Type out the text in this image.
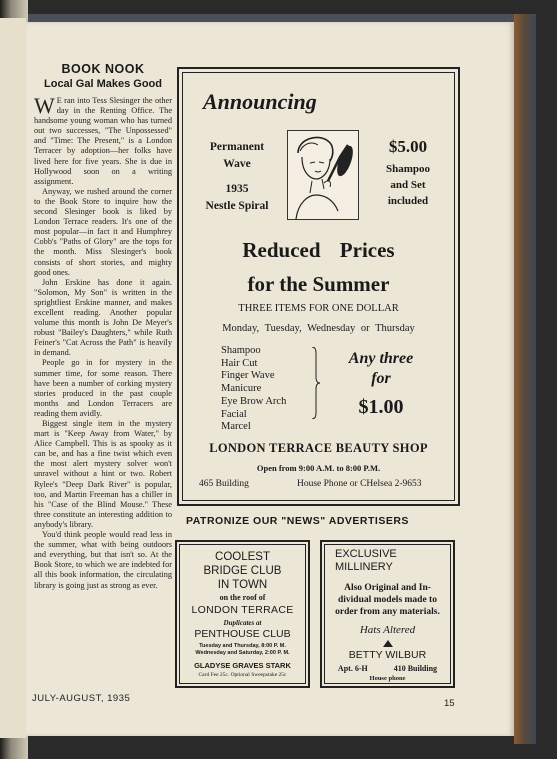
BOOK NOOK
Local Gal Makes Good

W E ran into Tess Slesinger the other day in the Renting Office. The handsome young woman who has turned out two successes, "The Unpossessed" and "Time: The Present," is a London Terracer by adoption—her folks have lived here for five years. She is due in Hollywood soon on a writing assignment.

Anyway, we rushed around the corner to the Book Store to inquire how the second Slesinger book is liked by London Terrace readers. It's one of the most popular—in fact it and Humphrey Cobb's "Paths of Glory" are the tops for the month. Miss Slesinger's book consists of short stories, and mighty good ones.

John Erskine has done it again. "Solomon, My Son" is written in the sprightliest Erskine manner, and makes excellent reading. Another popular volume this month is John De Meyer's robust "Bailey's Daughters," while Ruth Feiner's "Cat Across the Path" is heavily in demand.

People go in for mystery in the summer time, for some reason. There have been a number of corking mystery stories produced in the past couple months and London Terracers are reading them avidly.

Biggest single item in the mystery mart is "Keep Away from Water," by Alice Campbell. This is as spooky as it can be, and has a fine twist which even the most alert mystery solver won't unravel without a hint or two. Robert Rylee's "Deep Dark River" is popular, too, and Martin Freeman has a chiller in his "Case of the Blind Mouse." These three constitute an interesting addition to anybody's library.

You'd think people would read less in the summer, what with being outdoors and everything, but that isn't so. At the Book Store, to which we are indebted for all this book information, the circulating library is going just as strong as ever.

Announcing
Permanent
Wave
1935
Nestle Spiral
$5.00
Shampoo
and Set
included
Reduced Prices
for the Summer
THREE ITEMS FOR ONE DOLLAR
Monday, Tuesday, Wednesday or Thursday
Shampoo
Hair Cut
Finger Wave
Manicure
Eye Brow Arch
Facial
Marcel
Any three
for
$1.00
LONDON TERRACE BEAUTY SHOP
Open from 9:00 A.M. to 8:00 P.M.
465 Building	House Phone or CHelsea 2-9653
PATRONIZE OUR "NEWS" ADVERTISERS
COOLEST
BRIDGE CLUB
IN TOWN
on the roof of
LONDON TERRACE
Duplicates at
PENTHOUSE CLUB
Tuesday and Thursday, 8:00 P. M.
Wednesday and Saturday, 2:00 P. M.
GLADYSE GRAVES STARK
Card Fee 25c. Optional Sweepstake 25c
EXCLUSIVE
MILLINERY
Also Original and In-
dividual models made to
order from any materials.
Hats Altered
BETTY WILBUR
Apt. 6-H	410 Building
House phone
JULY-AUGUST, 1935	15
